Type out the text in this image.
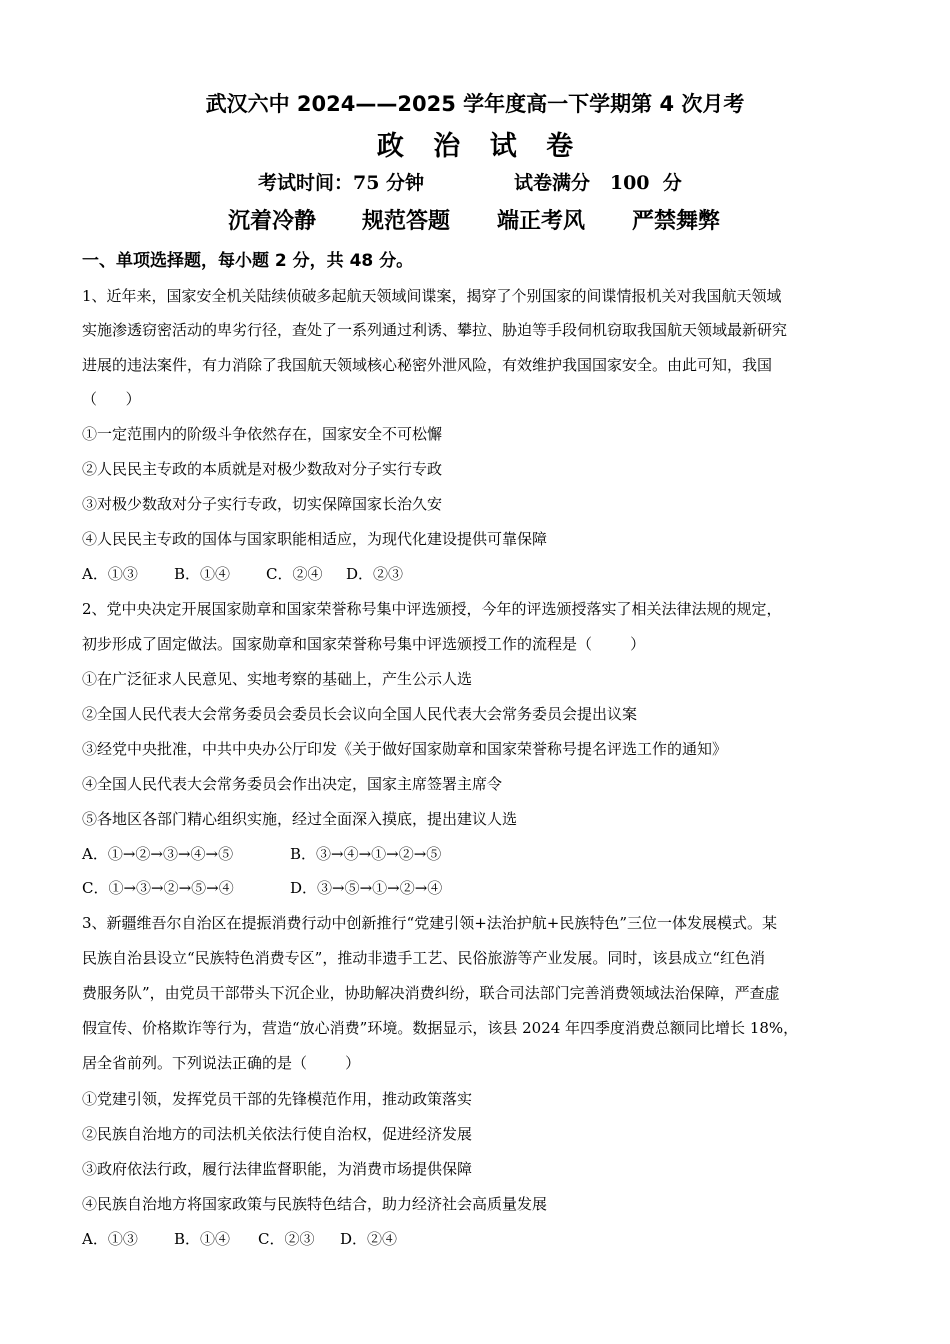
武汉六中 2024——2025 学年度高一下学期第 4 次月考
政 治 试 卷
考试时间：75 分钟	试卷满分   100  分
沉着冷静 规范答题 端正考风 严禁舞弊
一、单项选择题，每小题 2 分，共 48 分。
1、近年来，国家安全机关陆续侦破多起航天领域间谍案，揭穿了个别国家的间谍情报机关对我国航天领域
实施渗透窃密活动的卑劣行径，查处了一系列通过利诱、攀拉、胁迫等手段伺机窃取我国航天领域最新研究
进展的违法案件，有力消除了我国航天领域核心秘密外泄风险，有效维护我国国家安全。由此可知，我国
（      ）
①一定范围内的阶级斗争依然存在，国家安全不可松懈
②人民民主专政的本质就是对极少数敌对分子实行专政
③对极少数敌对分子实行专政，切实保障国家长治久安
④人民民主专政的国体与国家职能相适应，为现代化建设提供可靠保障
A．①③ B．①④ C．②④ D．②③
2、党中央决定开展国家勋章和国家荣誉称号集中评选颁授，今年的评选颁授落实了相关法律法规的规定，
初步形成了固定做法。国家勋章和国家荣誉称号集中评选颁授工作的流程是（        ）
①在广泛征求人民意见、实地考察的基础上，产生公示人选
②全国人民代表大会常务委员会委员长会议向全国人民代表大会常务委员会提出议案
③经党中央批准，中共中央办公厅印发《关于做好国家勋章和国家荣誉称号提名评选工作的通知》
④全国人民代表大会常务委员会作出决定，国家主席签署主席令
⑤各地区各部门精心组织实施，经过全面深入摸底，提出建议人选
A．①→②→③→④→⑤	B．③→④→①→②→⑤
C．①→③→②→⑤→④	D．③→⑤→①→②→④
3、新疆维吾尔自治区在提振消费行动中创新推行“党建引领+法治护航+民族特色”三位一体发展模式。某
民族自治县设立“民族特色消费专区”，推动非遗手工艺、民俗旅游等产业发展。同时，该县成立“红色消
费服务队”，由党员干部带头下沉企业，协助解决消费纠纷，联合司法部门完善消费领域法治保障，严查虚
假宣传、价格欺诈等行为，营造“放心消费”环境。数据显示，该县 2024 年四季度消费总额同比增长 18%，
居全省前列。下列说法正确的是（        ）
①党建引领，发挥党员干部的先锋模范作用，推动政策落实
②民族自治地方的司法机关依法行使自治权，促进经济发展
③政府依法行政，履行法律监督职能，为消费市场提供保障
④民族自治地方将国家政策与民族特色结合，助力经济社会高质量发展
A．①③ B．①④ C．②③ D．②④
